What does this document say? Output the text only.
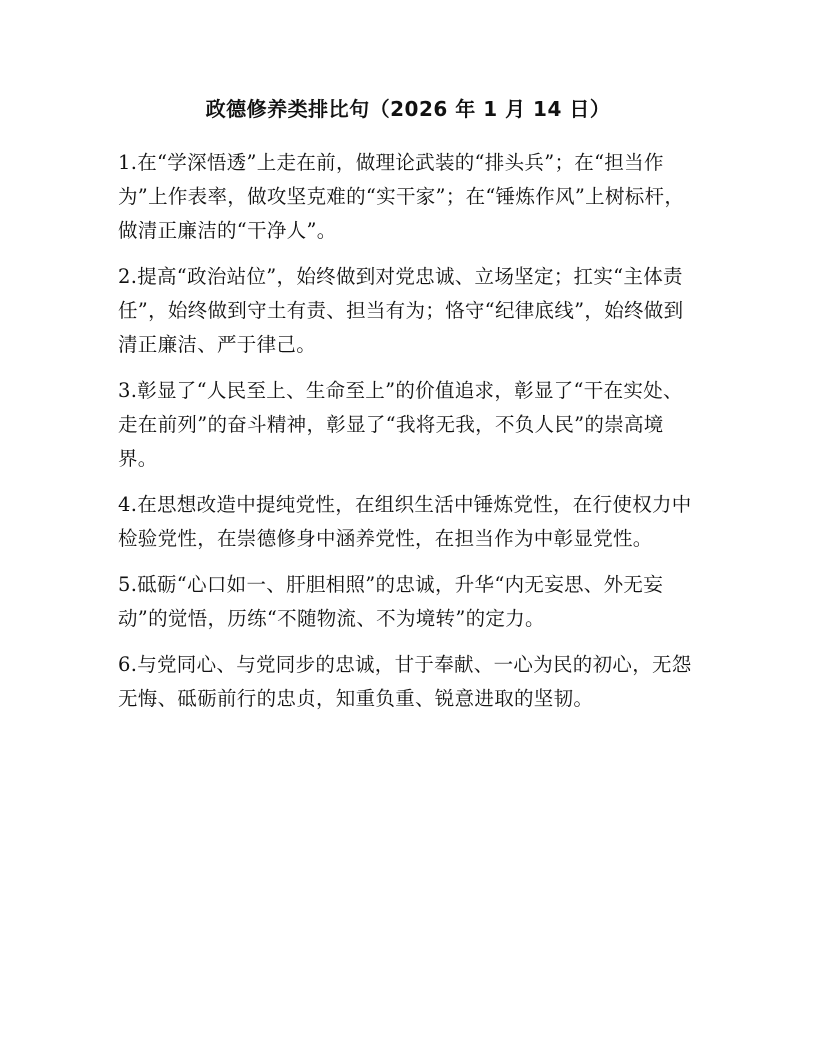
政德修养类排比句（2026 年 1 月 14 日）

1.在“学深悟透”上走在前，做理论武装的“排头兵”；在“担当作为”上作表率，做攻坚克难的“实干家”；在“锤炼作风”上树标杆，做清正廉洁的“干净人”。

2.提高“政治站位”，始终做到对党忠诚、立场坚定；扛实“主体责任”，始终做到守土有责、担当有为；恪守“纪律底线”，始终做到清正廉洁、严于律己。

3.彰显了“人民至上、生命至上”的价值追求，彰显了“干在实处、走在前列”的奋斗精神，彰显了“我将无我，不负人民”的崇高境界。

4.在思想改造中提纯党性，在组织生活中锤炼党性，在行使权力中检验党性，在崇德修身中涵养党性，在担当作为中彰显党性。

5.砥砺“心口如一、肝胆相照”的忠诚，升华“内无妄思、外无妄动”的觉悟，历练“不随物流、不为境转”的定力。

6.与党同心、与党同步的忠诚，甘于奉献、一心为民的初心，无怨无悔、砥砺前行的忠贞，知重负重、锐意进取的坚韧。
